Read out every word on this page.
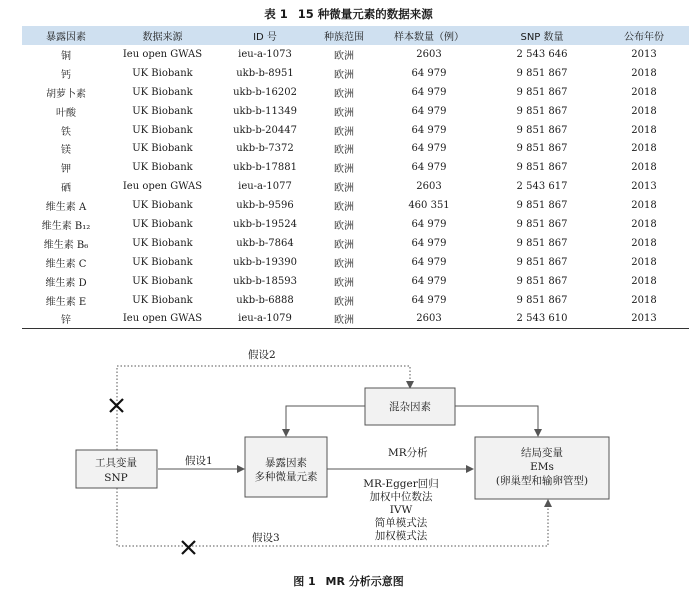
表 1 15 种微量元素的数据来源
暴露因素	数据来源	ID 号	种族范围	样本数量（例）	SNP 数量	公布年份
铜	Ieu open GWAS	ieu-a-1073	欧洲	2603	2 543 646	2013
钙	UK Biobank	ukb-b-8951	欧洲	64 979	9 851 867	2018
胡萝卜素	UK Biobank	ukb-b-16202	欧洲	64 979	9 851 867	2018
叶酸	UK Biobank	ukb-b-11349	欧洲	64 979	9 851 867	2018
铁	UK Biobank	ukb-b-20447	欧洲	64 979	9 851 867	2018
镁	UK Biobank	ukb-b-7372	欧洲	64 979	9 851 867	2018
钾	UK Biobank	ukb-b-17881	欧洲	64 979	9 851 867	2018
硒	Ieu open GWAS	ieu-a-1077	欧洲	2603	2 543 617	2013
维生素 A	UK Biobank	ukb-b-9596	欧洲	460 351	9 851 867	2018
维生素 B₁₂	UK Biobank	ukb-b-19524	欧洲	64 979	9 851 867	2018
维生素 B₆	UK Biobank	ukb-b-7864	欧洲	64 979	9 851 867	2018
维生素 C	UK Biobank	ukb-b-19390	欧洲	64 979	9 851 867	2018
维生素 D	UK Biobank	ukb-b-18593	欧洲	64 979	9 851 867	2018
维生素 E	UK Biobank	ukb-b-6888	欧洲	64 979	9 851 867	2018
锌	Ieu open GWAS	ieu-a-1079	欧洲	2603	2 543 610	2013
假设2
假设3
假设1
MR分析
工具变量
SNP
暴露因素
多种微量元素
混杂因素
结局变量
EMs
(卵巢型和输卵管型)
MR-Egger回归
加权中位数法
IVW
简单模式法
加权模式法
图 1 MR 分析示意图
